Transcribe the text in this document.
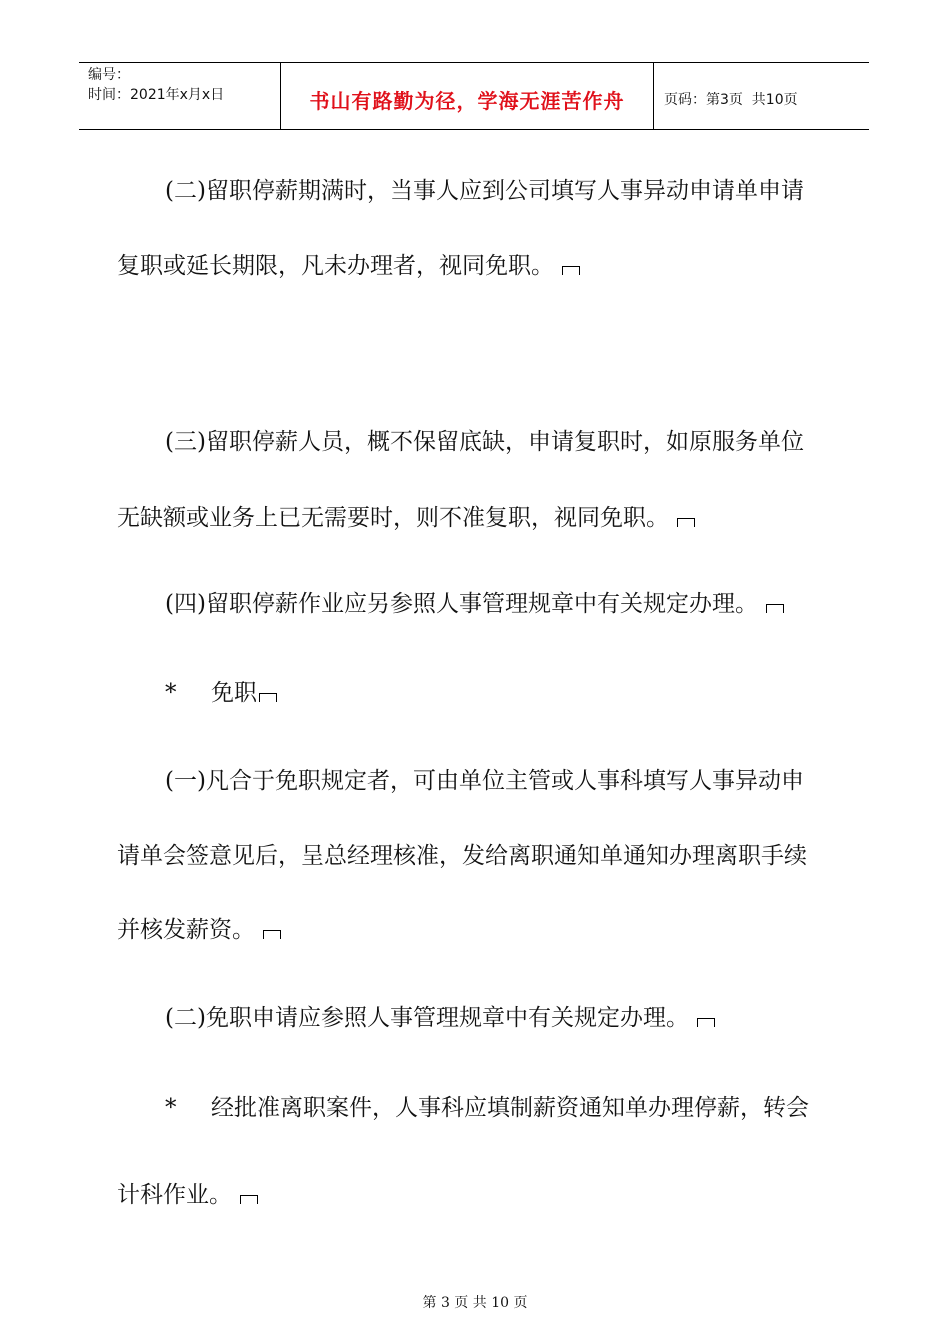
编号：
时间：2021年x月x日	书山有路勤为径，学海无涯苦作舟	页码： 第3页  共10页
(二)留职停薪期满时，当事人应到公司填写人事异动申请单申请
复职或延长期限，凡未办理者，视同免职。
(三)留职停薪人员，概不保留底缺，申请复职时，如原服务单位
无缺额或业务上已无需要时，则不准复职，视同免职。
(四)留职停薪作业应另参照人事管理规章中有关规定办理。
* 免职
(一)凡合于免职规定者，可由单位主管或人事科填写人事异动申
请单会签意见后，呈总经理核准，发给离职通知单通知办理离职手续
并核发薪资。
(二)免职申请应参照人事管理规章中有关规定办理。
* 经批准离职案件，人事科应填制薪资通知单办理停薪，转会
计科作业。
第 3 页 共 10 页
